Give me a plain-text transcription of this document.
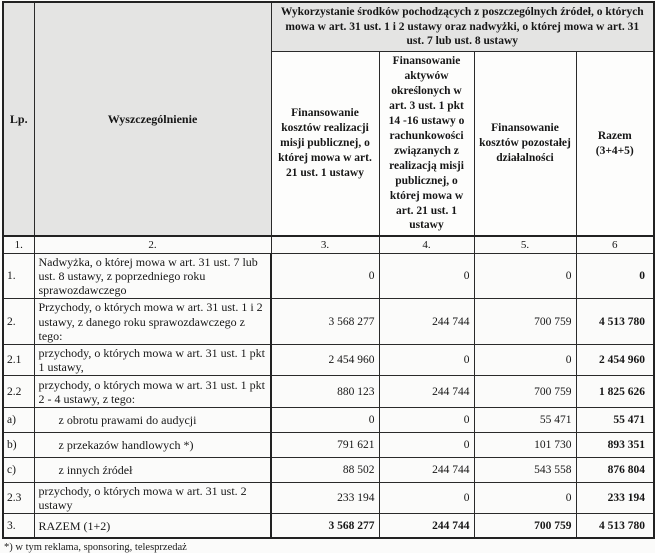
Lp.	Wyszczególnienie	Wykorzystanie środków pochodzących z poszczególnych źródeł, o których mowa w art. 31 ust. 1 i 2 ustawy oraz nadwyżki, o której mowa w art. 31 ust. 7 lub ust. 8 ustawy			
		Finansowanie kosztów realizacji misji publicznej, o której mowa w art. 21 ust. 1 ustawy	Finansowanie aktywów określonych w art. 3 ust. 1 pkt 14 -16 ustawy o rachunkowości związanych z realizacją misji publicznej, o której mowa w art. 21 ust. 1 ustawy	Finansowanie kosztów pozostałej działalności	Razem (3+4+5)
1.	2.	3.	4.	5.	6
1.	Nadwyżka, o której mowa w art. 31 ust. 7 lub ust. 8 ustawy, z poprzedniego roku sprawozdawczego	0	0	0	0
2.	Przychody, o których mowa w art. 31 ust. 1 i 2 ustawy, z danego roku sprawozdawczego z tego:	3 568 277	244 744	700 759	4 513 780
2.1	przychody, o których mowa w art. 31 ust. 1 pkt 1 ustawy,	2 454 960	0	0	2 454 960
2.2	przychody, o których mowa w art. 31 ust. 1 pkt 2 - 4 ustawy, z tego:	880 123	244 744	700 759	1 825 626
a)	z obrotu prawami do audycji	0	0	55 471	55 471
b)	z przekazów handlowych *)	791 621	0	101 730	893 351
c)	z innych źródeł	88 502	244 744	543 558	876 804
2.3	przychody, o których mowa w art. 31 ust. 2 ustawy	233 194	0	0	233 194
3.	RAZEM (1+2)	3 568 277	244 744	700 759	4 513 780
*) w tym reklama, sponsoring, telesprzedaż
